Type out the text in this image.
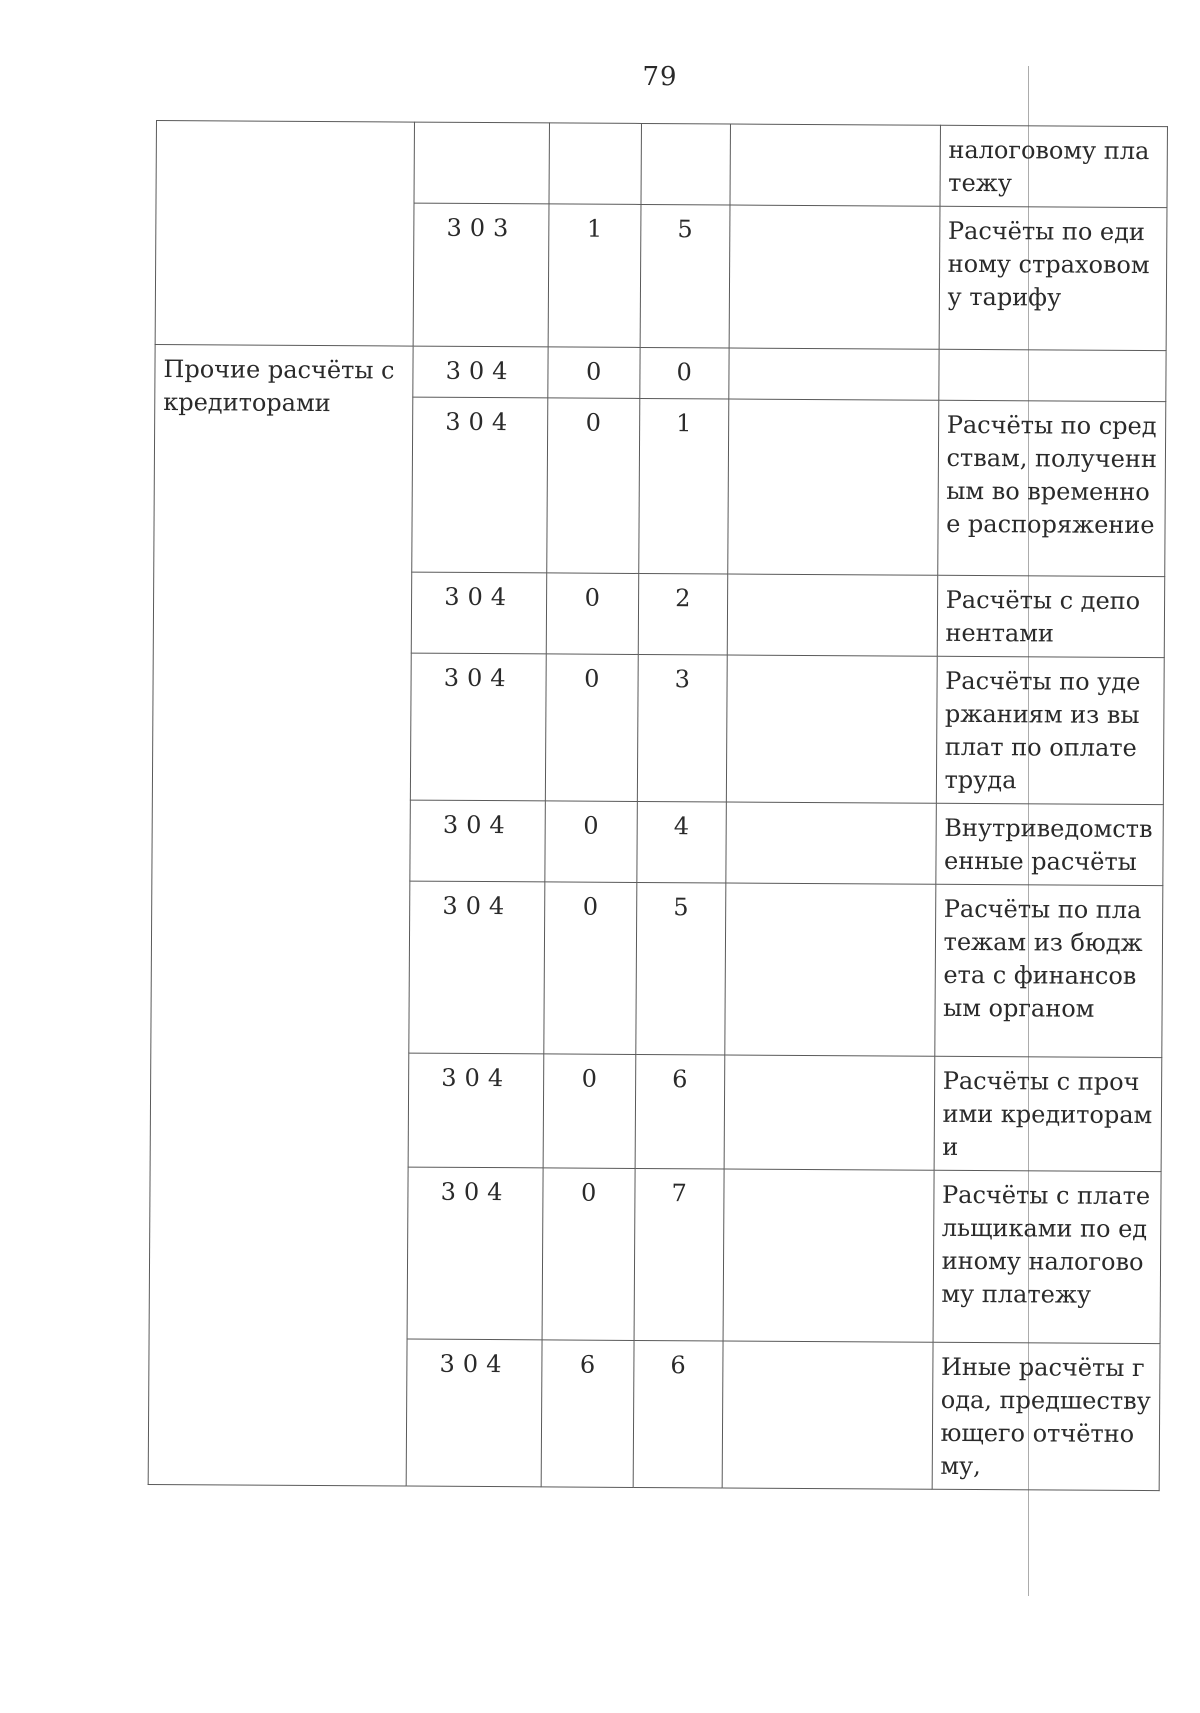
79
					налоговому платежу
	303	1	5		Расчёты по единому страховому тарифу
Прочие расчёты с кредиторами	304	0	0		
	304	0	1		Расчёты по средствам, полученным во временное распоряжение
	304	0	2		Расчёты с депонентами
	304	0	3		Расчёты по удержаниям из выплат по оплате труда
	304	0	4		Внутриведомственные расчёты
	304	0	5		Расчёты по платежам из бюджета с финансовым органом
	304	0	6		Расчёты с прочими кредиторами
	304	0	7		Расчёты с плательщиками по единому налоговому платежу
	304	6	6		Иные расчёты года, предшествующего отчётному,
